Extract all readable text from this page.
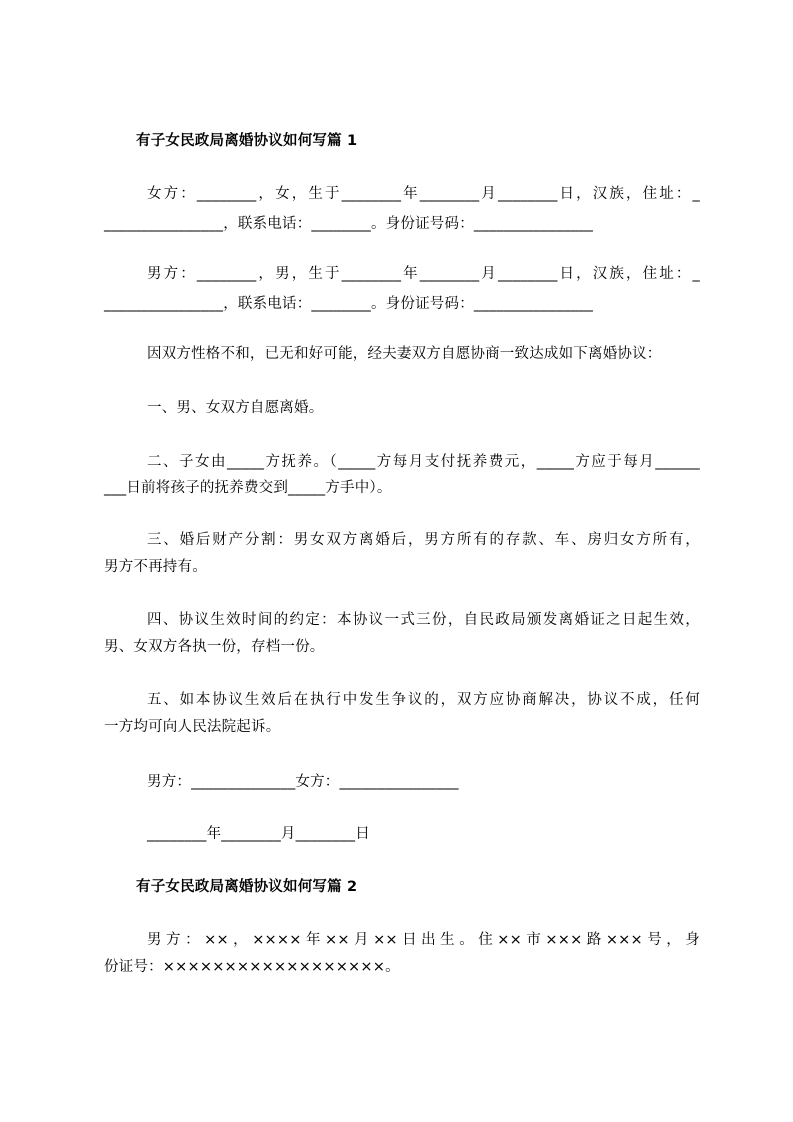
有子女民政局离婚协议如何写篇 1
女方：________，女，生于________年________月________日，汉族，住址：_
________________，联系电话：________。身份证号码：________________
男方：________，男，生于________年________月________日，汉族，住址：_
________________，联系电话：________。身份证号码：________________
因双方性格不和，已无和好可能，经夫妻双方自愿协商一致达成如下离婚协议：
一、男、女双方自愿离婚。
二、子女由_____方抚养。（_____方每月支付抚养费元，_____方应于每月______
___日前将孩子的抚养费交到_____方手中）。
三、婚后财产分割：男女双方离婚后，男方所有的存款、车、房归女方所有，
男方不再持有。
四、协议生效时间的约定：本协议一式三份，自民政局颁发离婚证之日起生效，
男、女双方各执一份，存档一份。
五、如本协议生效后在执行中发生争议的，双方应协商解决，协议不成，任何
一方均可向人民法院起诉。
男方：______________女方：________________
________年________月________日
有子女民政局离婚协议如何写篇 2
男方：××，××××年××月××日出生。住××市×××路×××号，身
份证号：××××××××××××××××××。
